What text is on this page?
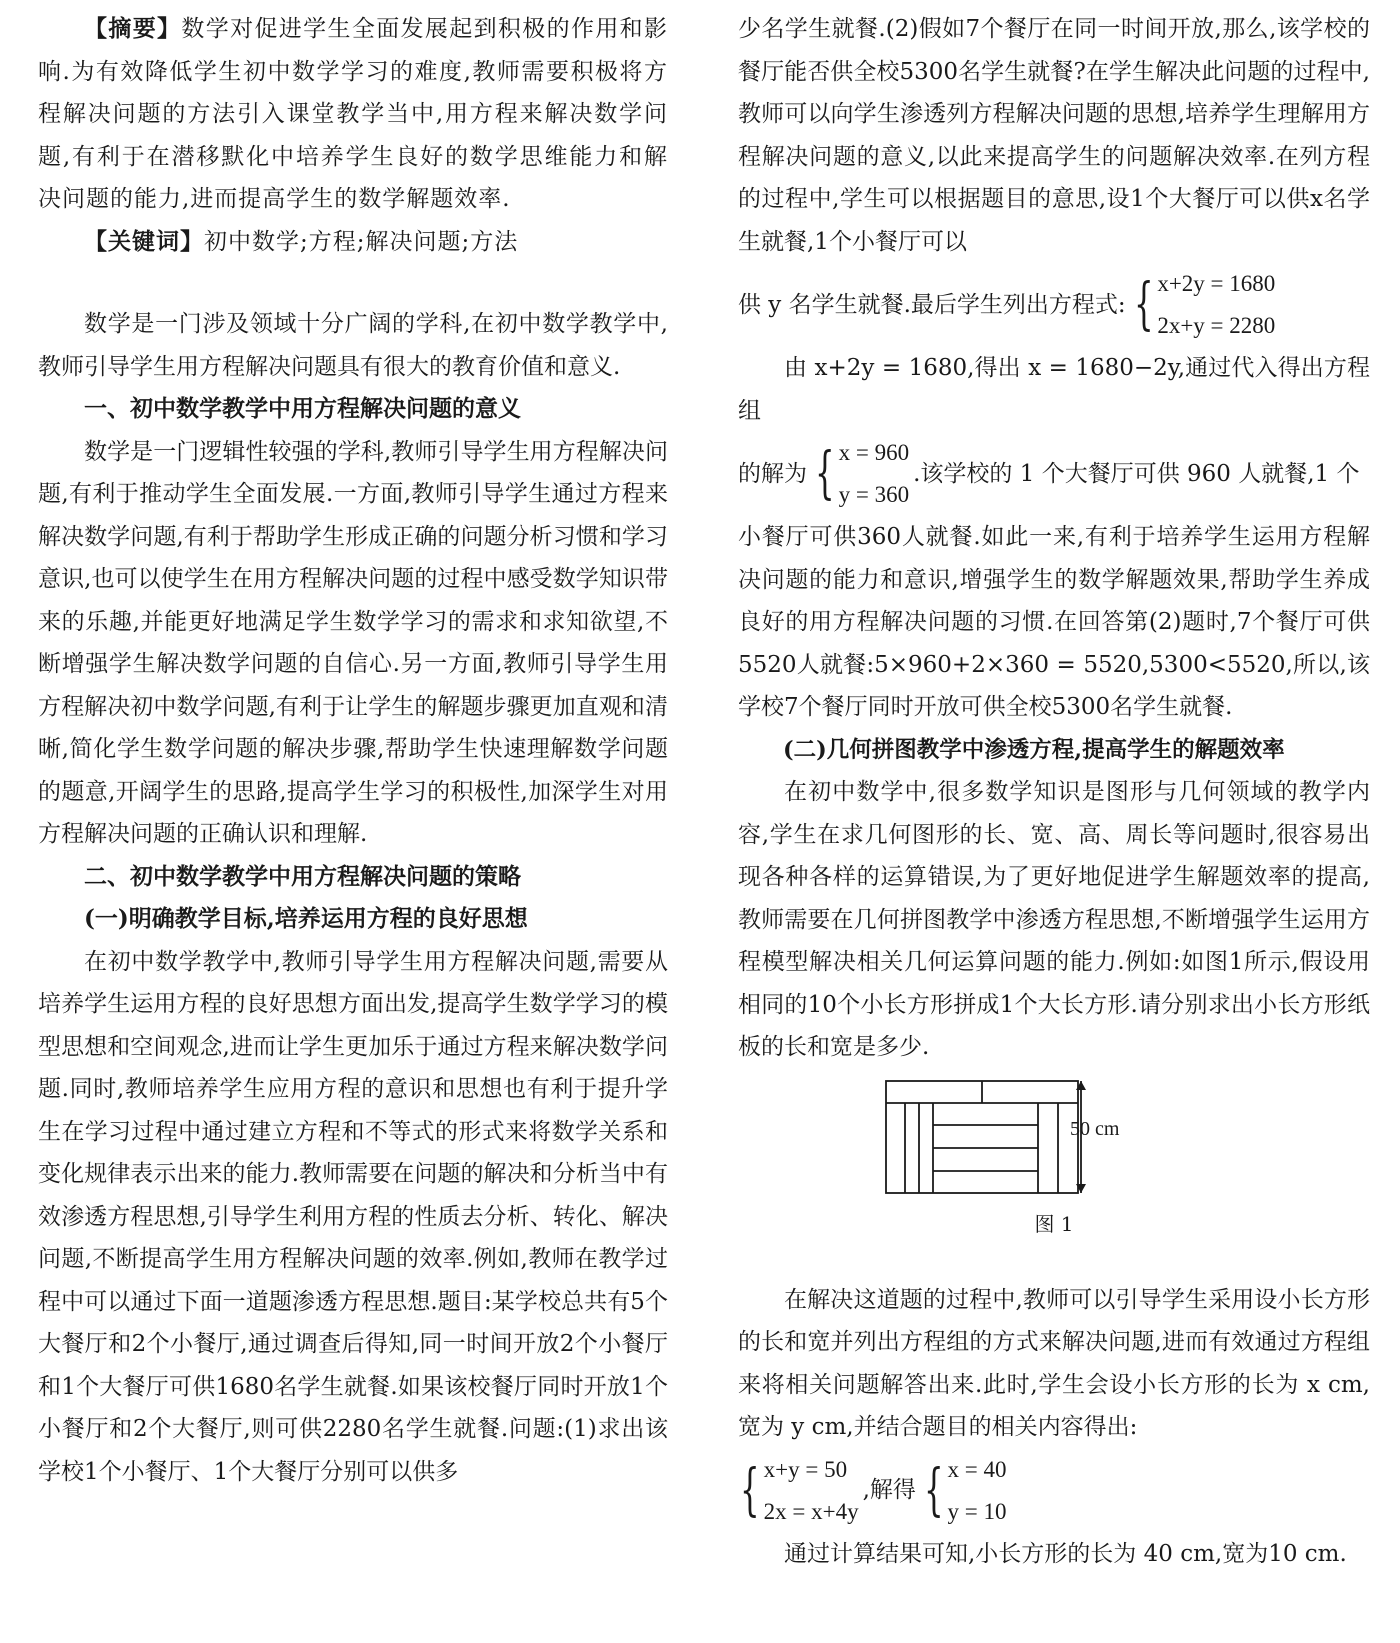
【摘要】数学对促进学生全面发展起到积极的作用和影响.为有效降低学生初中数学学习的难度,教师需要积极将方程解决问题的方法引入课堂教学当中,用方程来解决数学问题,有利于在潜移默化中培养学生良好的数学思维能力和解决问题的能力,进而提高学生的数学解题效率.

【关键词】初中数学;方程;解决问题;方法

数学是一门涉及领域十分广阔的学科,在初中数学教学中,教师引导学生用方程解决问题具有很大的教育价值和意义.

一、初中数学教学中用方程解决问题的意义

数学是一门逻辑性较强的学科,教师引导学生用方程解决问题,有利于推动学生全面发展.一方面,教师引导学生通过方程来解决数学问题,有利于帮助学生形成正确的问题分析习惯和学习意识,也可以使学生在用方程解决问题的过程中感受数学知识带来的乐趣,并能更好地满足学生数学学习的需求和求知欲望,不断增强学生解决数学问题的自信心.另一方面,教师引导学生用方程解决初中数学问题,有利于让学生的解题步骤更加直观和清晰,简化学生数学问题的解决步骤,帮助学生快速理解数学问题的题意,开阔学生的思路,提高学生学习的积极性,加深学生对用方程解决问题的正确认识和理解.

二、初中数学教学中用方程解决问题的策略

(一)明确教学目标,培养运用方程的良好思想

在初中数学教学中,教师引导学生用方程解决问题,需要从培养学生运用方程的良好思想方面出发,提高学生数学学习的模型思想和空间观念,进而让学生更加乐于通过方程来解决数学问题.同时,教师培养学生应用方程的意识和思想也有利于提升学生在学习过程中通过建立方程和不等式的形式来将数学关系和变化规律表示出来的能力.教师需要在问题的解决和分析当中有效渗透方程思想,引导学生利用方程的性质去分析、转化、解决问题,不断提高学生用方程解决问题的效率.例如,教师在教学过程中可以通过下面一道题渗透方程思想.题目:某学校总共有5个大餐厅和2个小餐厅,通过调查后得知,同一时间开放2个小餐厅和1个大餐厅可供1680名学生就餐.如果该校餐厅同时开放1个小餐厅和2个大餐厅,则可供2280名学生就餐.问题:(1)求出该学校1个小餐厅、1个大餐厅分别可以供多

少名学生就餐.(2)假如7个餐厅在同一时间开放,那么,该学校的餐厅能否供全校5300名学生就餐?在学生解决此问题的过程中,教师可以向学生渗透列方程解决问题的思想,培养学生理解用方程解决问题的意义,以此来提高学生的问题解决效率.在列方程的过程中,学生可以根据题目的意思,设1个大餐厅可以供x名学生就餐,1个小餐厅可以

供 y 名学生就餐.最后学生列出方程式: { x+2y = 1680
2x+y = 2280

由 x+2y = 1680,得出 x = 1680−2y,通过代入得出方程组

的解为 { x = 960
y = 360
.该学校的 1 个大餐厅可供 960 人就餐,1 个

小餐厅可供360人就餐.如此一来,有利于培养学生运用方程解决问题的能力和意识,增强学生的数学解题效果,帮助学生养成良好的用方程解决问题的习惯.在回答第(2)题时,7个餐厅可供5520人就餐:5×960+2×360 = 5520,5300<5520,所以,该学校7个餐厅同时开放可供全校5300名学生就餐.

(二)几何拼图教学中渗透方程,提高学生的解题效率

在初中数学中,很多数学知识是图形与几何领域的教学内容,学生在求几何图形的长、宽、高、周长等问题时,很容易出现各种各样的运算错误,为了更好地促进学生解题效率的提高,教师需要在几何拼图教学中渗透方程思想,不断增强学生运用方程模型解决相关几何运算问题的能力.例如:如图1所示,假设用相同的10个小长方形拼成1个大长方形.请分别求出小长方形纸板的长和宽是多少.

50 cm
图 1

在解决这道题的过程中,教师可以引导学生采用设小长方形的长和宽并列出方程组的方式来解决问题,进而有效通过方程组来将相关问题解答出来.此时,学生会设小长方形的长为 x cm,宽为 y cm,并结合题目的相关内容得出:

{ x+y = 50
2x = x+4y
,解得 { x = 40
y = 10

通过计算结果可知,小长方形的长为 40 cm,宽为10 cm.
